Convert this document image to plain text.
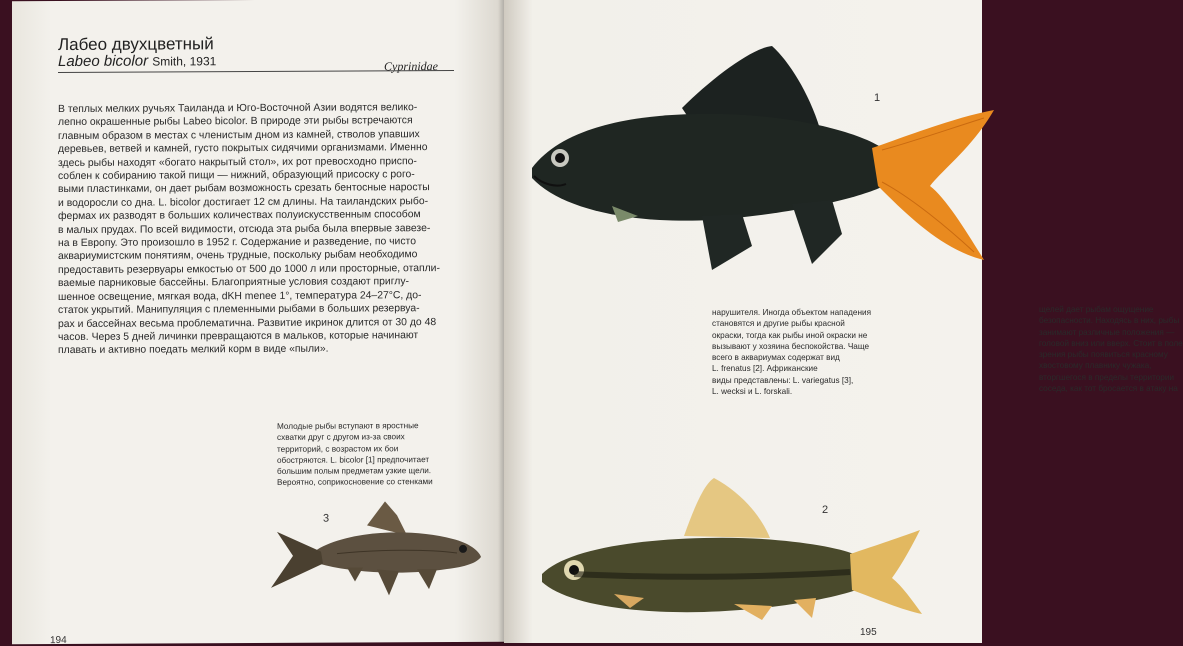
Лабео двухцветный
Labeo bicolor Smith, 1931	Cyprinidae
В теплых мелких ручьях Таиланда и Юго-Восточной Азии водятся велико-
лепно окрашенные рыбы Labeo bicolor. В природе эти рыбы встречаются
главным образом в местах с членистым дном из камней, стволов упавших
деревьев, ветвей и камней, густо покрытых сидячими организмами. Именно
здесь рыбы находят «богато накрытый стол», их рот превосходно приспо-
соблен к собиранию такой пищи — нижний, образующий присоску с рого-
выми пластинками, он дает рыбам возможность срезать бентосные наросты
и водоросли со дна. L. bicolor достигает 12 см длины. На таиландских рыбо-
фермах их разводят в больших количествах полуискусственным способом
в малых прудах. По всей видимости, отсюда эта рыба была впервые завезе-
на в Европу. Это произошло в 1952 г. Содержание и разведение, по чисто
аквариумистским понятиям, очень трудные, поскольку рыбам необходимо
предоставить резервуары емкостью от 500 до 1000 л или просторные, отапли-
ваемые парниковые бассейны. Благоприятные условия создают приглу-
шенное освещение, мягкая вода, dKH menee 1°, температура 24–27°C, до-
статок укрытий. Манипуляция с племенными рыбами в больших резервуа-
рах и бассейнах весьма проблематична. Развитие икринок длится от 30 до 48
часов. Через 5 дней личинки превращаются в мальков, которые начинают
плавать и активно поедать мелкий корм в виде «пыли».
Молодые рыбы вступают в яростные
схватки друг с другом из-за своих
территорий, с возрастом их бои
обостряются. L. bicolor [1] предпочитает
большим полым предметам узкие щели.
Вероятно, соприкосновение со стенками
3
194
1
щелей дает рыбам ощущение
безопасности. Находясь в них, рыбы
занимают различные положения —
головой вниз или вверх. Стоит в поле
зрения рыбы появиться красному
хвостовому плавнику чужака,
вторгшегося в пределы территории
соседа, как тот бросается в атаку на
нарушителя. Иногда объектом нападения
становятся и другие рыбы красной
окраски, тогда как рыбы иной окраски не
вызывают у хозяина беспокойства. Чаще
всего в аквариумах содержат вид
L. frenatus [2]. Африканские
виды представлены: L. variegatus [3],
L. wecksi и L. forskali.
2
195
